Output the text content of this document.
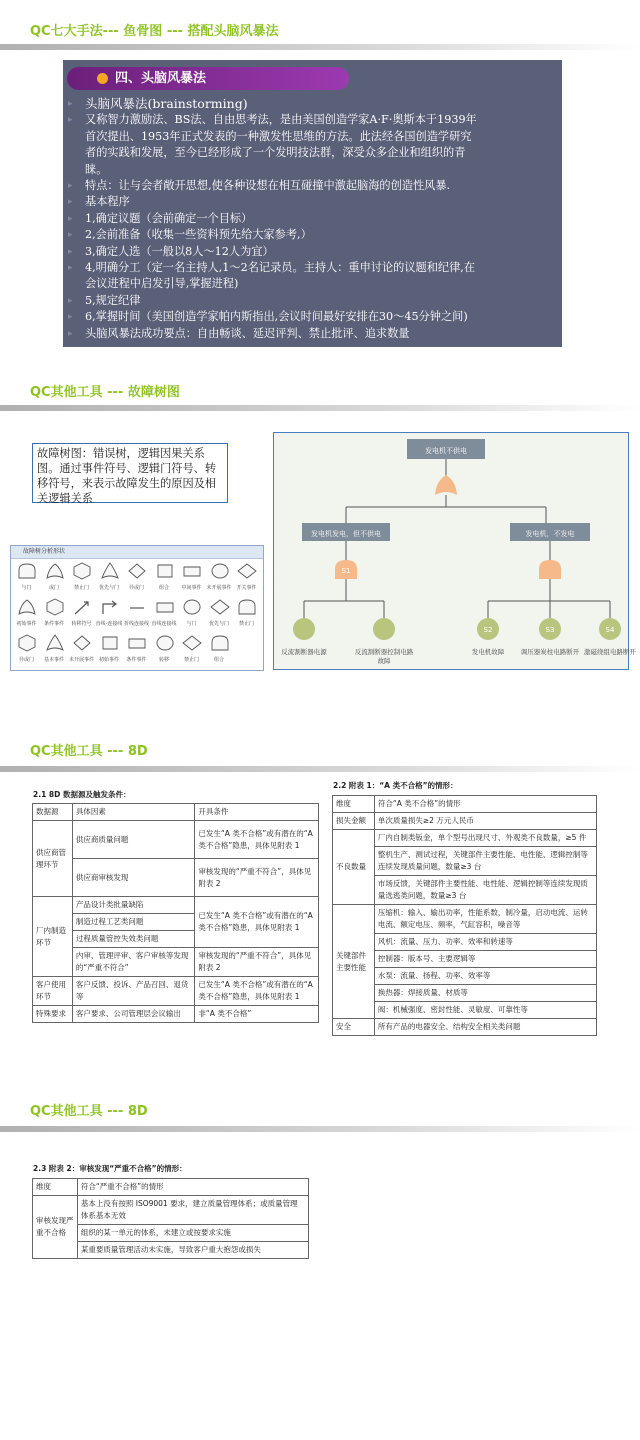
QC七大手法--- 鱼骨图 --- 搭配头脑风暴法
四、头脑风暴法
▸ 头脑风暴法(brainstorming)
▸ 又称智力激励法、BS法、自由思考法，是由美国创造学家A·F·奥斯本于1939年
首次提出、1953年正式发表的一种激发性思维的方法。此法经各国创造学研究
者的实践和发展，至今已经形成了一个发明技法群，深受众多企业和组织的青
睐。
▸ 特点：让与会者敞开思想,使各种设想在相互碰撞中激起脑海的创造性风暴.
▸ 基本程序
▸ 1,确定议题（会前确定一个目标）
▸ 2,会前准备（收集一些资料预先给大家参考,）
▸ 3,确定人选（一般以8人～12人为宜）
▸ 4,明确分工（定一名主持人,1～2名记录员。主持人：重申讨论的议题和纪律,在
会议进程中启发引导,掌握进程)
▸ 5,规定纪律
▸ 6,掌握时间（美国创造学家帕内斯指出,会议时间最好安排在30～45分钟之间)
▸ 头脑风暴法成功要点：自由畅谈、延迟评判、禁止批评、追求数量
QC其他工具 --- 故障树图
故障树图：错误树，逻辑因果关系图。通过事件符号、逻辑门符号、转移符号，来表示故障发生的原因及相关逻辑关系
故障树分析形状
与门	或门	禁止门	优先与门	异或门	组合	中间事件 未开展事件 开关事件
初始事件	条件事件	转移符号 直线-连接线 折线连接线 直线连接线	与门	优先与门	禁止门
异或门	基本事件 未开展事件 初始事件	条件事件	转移	禁止门	组合
发电机不供电
发电机发电，但不供电	发电机，不发电
S1
反流割断器电源	反流割断器控制电路
故障
S2
发电机故障
S3
调压器炭柱电路断开
S4
激磁绕组电路断开
QC其他工具 --- 8D
2.1 8D 数据源及触发条件：
数据源	具体因素	开具条件
供应商管理环节	供应商质量问题	已发生“A 类不合格”或有潜在的“A 类不合格”隐患，具体见附表 1
	供应商审核发现	审核发现的“严重不符合”，具体见附表 2
厂内制造环节	产品设计类批量缺陷	已发生“A 类不合格”或有潜在的“A 类不合格”隐患，具体见附表 1
	制造过程工艺类问题	
	过程质量管控失效类问题	
	内审、管理评审、客户审核等发现的“严重不符合”	审核发现的“严重不符合”，具体见附表 2
客户使用环节	客户反馈、投诉、产品召回、退货等	已发生“A 类不合格”或有潜在的“A 类不合格”隐患，具体见附表 1
特殊要求	客户要求、公司管理层会议输出	非“A 类不合格”
2.2 附表 1：“A 类不合格”的情形：
维度	符合“A 类不合格”的情形
损失金额	单次质量损失≥2 万元人民币
不良数量	厂内自制类钣金，单个型号出现尺寸、外观类不良数量，≥5 件
	整机生产、测试过程，关键部件主要性能、电性能、逻辑控制等连续发现质量问题，数量≥3 台
	市场反馈，关键部件主要性能、电性能、逻辑控制等连续发现质量选逃类问题，数量≥3 台
关键部件主要性能	压缩机：输入、输出功率，性能系数，制冷量，启动电流、运转电流、额定电压、频率，气缸容积，噪音等
	风机：流量、压力、功率、效率和转速等
	控制器：版本号、主要逻辑等
	水泵：流量、扬程、功率、效率等
	换热器：焊接质量、材质等
	阀：机械强度、密封性能、灵敏度、可靠性等
安全	所有产品的电器安全、结构安全相关类问题
QC其他工具 --- 8D
2.3 附表 2：审核发现“严重不合格”的情形：
维度	符合“严重不合格”的情形
审核发现严重不合格	基本上没有按照 ISO9001 要求，建立质量管理体系；或质量管理体系基本无效
	组织的某一单元的体系，未建立或按要求实施
	某重要质量管理活动未实施，导致客户重大抱怨或损失
